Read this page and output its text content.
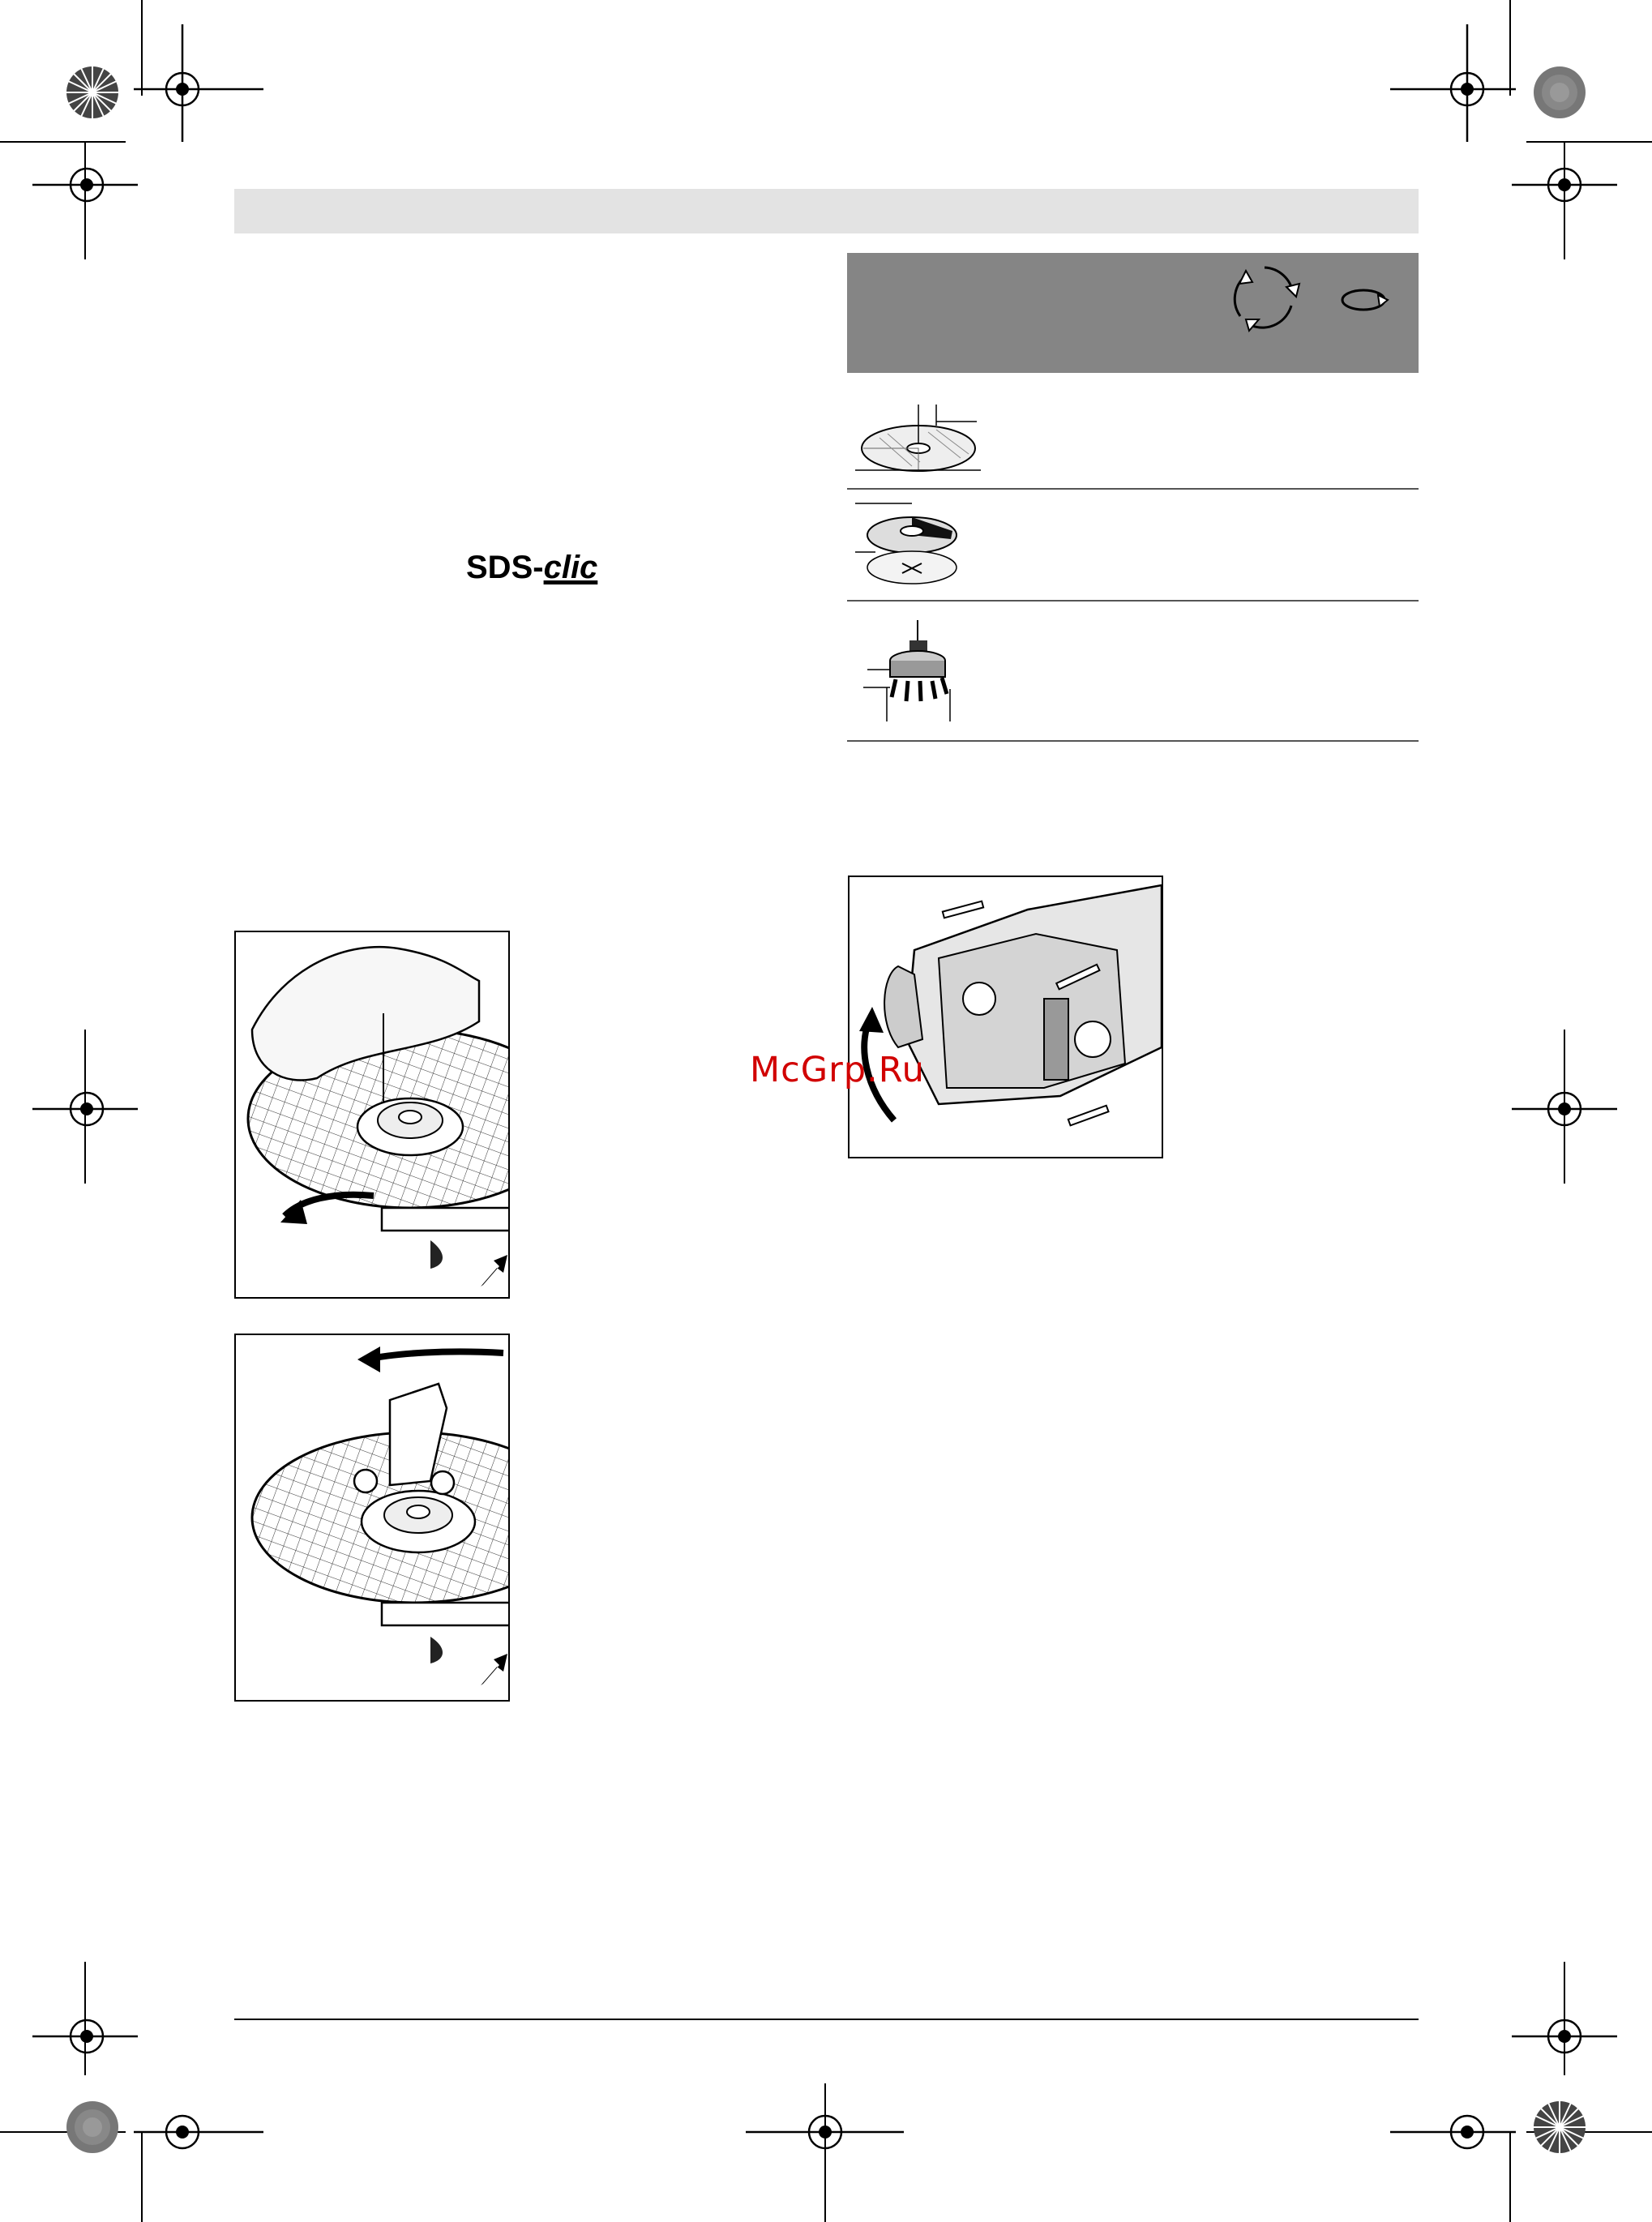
SDS-clic
McGrp.Ru
